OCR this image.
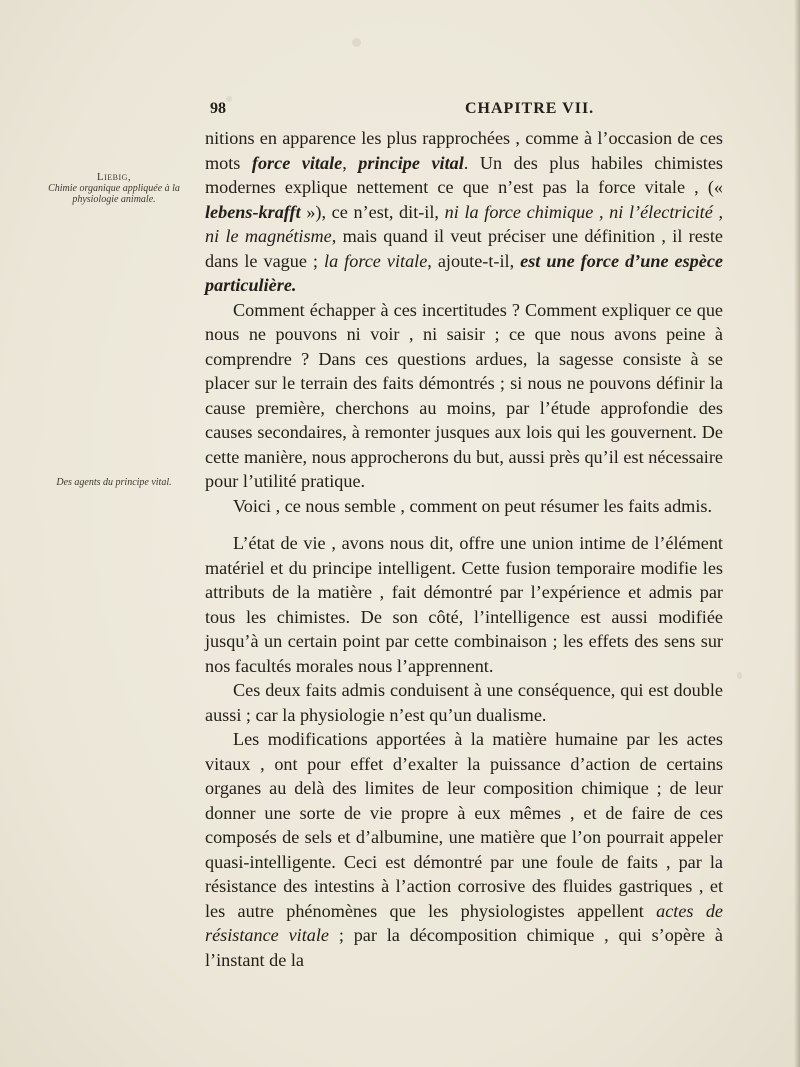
98	CHAPITRE VII.
Liebig,
Chimie organique appliquée à la physiologie animale.
Des agents du principe vital.

nitions en apparence les plus rapprochées , comme à l’occasion de ces mots force vitale, principe vital. Un des plus habiles chimistes modernes explique nettement ce que n’est pas la force vitale , (« lebens-krafft »), ce n’est, dit-il, ni la force chimique , ni l’électricité , ni le magnétisme, mais quand il veut préciser une définition , il reste dans le vague ; la force vitale, ajoute-t-il, est une force d’une espèce particulière.

Comment échapper à ces incertitudes ? Comment expliquer ce que nous ne pouvons ni voir , ni saisir ; ce que nous avons peine à comprendre ? Dans ces questions ardues, la sagesse consiste à se placer sur le terrain des faits démontrés ; si nous ne pouvons définir la cause première, cherchons au moins, par l’étude approfondie des causes secondaires, à remonter jusques aux lois qui les gouvernent. De cette manière, nous approcherons du but, aussi près qu’il est nécessaire pour l’utilité pratique.

Voici , ce nous semble , comment on peut résumer les faits admis.

L’état de vie , avons nous dit, offre une union intime de l’élément matériel et du principe intelligent. Cette fusion temporaire modifie les attributs de la matière , fait démontré par l’expérience et admis par tous les chimistes. De son côté, l’intelligence est aussi modifiée jusqu’à un certain point par cette combinaison ; les effets des sens sur nos facultés morales nous l’apprennent.

Ces deux faits admis conduisent à une conséquence, qui est double aussi ; car la physiologie n’est qu’un dualisme.

Les modifications apportées à la matière humaine par les actes vitaux , ont pour effet d’exalter la puissance d’action de certains organes au delà des limites de leur composition chimique ; de leur donner une sorte de vie propre à eux mêmes , et de faire de ces composés de sels et d’albumine, une matière que l’on pourrait appeler quasi-intelligente. Ceci est démontré par une foule de faits , par la résistance des intestins à l’action corrosive des fluides gastriques , et les autre phénomènes que les physiologistes appellent actes de résistance vitale ; par la décomposition chimique , qui s’opère à l’instant de la
